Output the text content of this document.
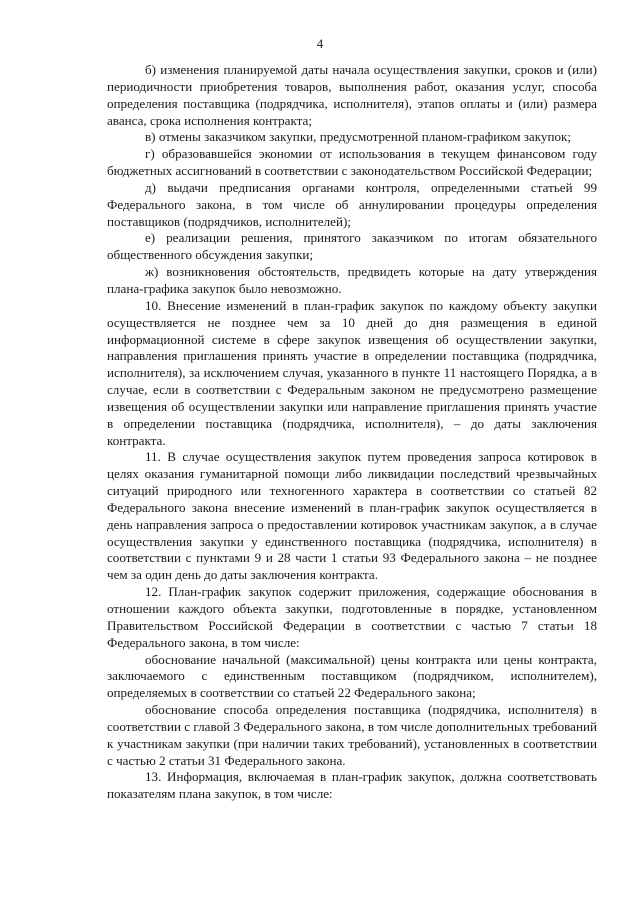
4

б) изменения планируемой даты начала осуществления закупки, сроков и (или) периодичности приобретения товаров, выполнения работ, оказания услуг, способа определения поставщика (подрядчика, исполнителя), этапов оплаты и (или) размера аванса, срока исполнения контракта;

в) отмены заказчиком закупки, предусмотренной планом-графиком закупок;

г) образовавшейся экономии от использования в текущем финансовом году бюджетных ассигнований в соответствии с законодательством Российской Федерации;

д) выдачи предписания органами контроля, определенными статьей 99 Федерального закона, в том числе об аннулировании процедуры определения поставщиков (подрядчиков, исполнителей);

е) реализации решения, принятого заказчиком по итогам обязательного общественного обсуждения закупки;

ж) возникновения обстоятельств, предвидеть которые на дату утверждения плана-графика закупок было невозможно.

10. Внесение изменений в план-график закупок по каждому объекту закупки осуществляется не позднее чем за 10 дней до дня размещения в единой информационной системе в сфере закупок извещения об осуществлении закупки, направления приглашения принять участие в определении поставщика (подрядчика, исполнителя), за исключением случая, указанного в пункте 11 настоящего Порядка, а в случае, если в соответствии с Федеральным законом не предусмотрено размещение извещения об осуществлении закупки или направление приглашения принять участие в определении поставщика (подрядчика, исполнителя), – до даты заключения контракта.

11. В случае осуществления закупок путем проведения запроса котировок в целях оказания гуманитарной помощи либо ликвидации последствий чрезвычайных ситуаций природного или техногенного характера в соответствии со статьей 82 Федерального закона внесение изменений в план-график закупок осуществляется в день направления запроса о предоставлении котировок участникам закупок, а в случае осуществления закупки у единственного поставщика (подрядчика, исполнителя) в соответствии с пунктами 9 и 28 части 1 статьи 93 Федерального закона – не позднее чем за один день до даты заключения контракта.

12. План-график закупок содержит приложения, содержащие обоснования в отношении каждого объекта закупки, подготовленные в порядке, установленном Правительством Российской Федерации в соответствии с частью 7 статьи 18 Федерального закона, в том числе:

обоснование начальной (максимальной) цены контракта или цены контракта, заключаемого с единственным поставщиком (подрядчиком, исполнителем), определяемых в соответствии со статьей 22 Федерального закона;

обоснование способа определения поставщика (подрядчика, исполнителя) в соответствии с главой 3 Федерального закона, в том числе дополнительных требований к участникам закупки (при наличии таких требований), установленных в соответствии с частью 2 статьи 31 Федерального закона.

13. Информация, включаемая в план-график закупок, должна соответствовать показателям плана закупок, в том числе:
